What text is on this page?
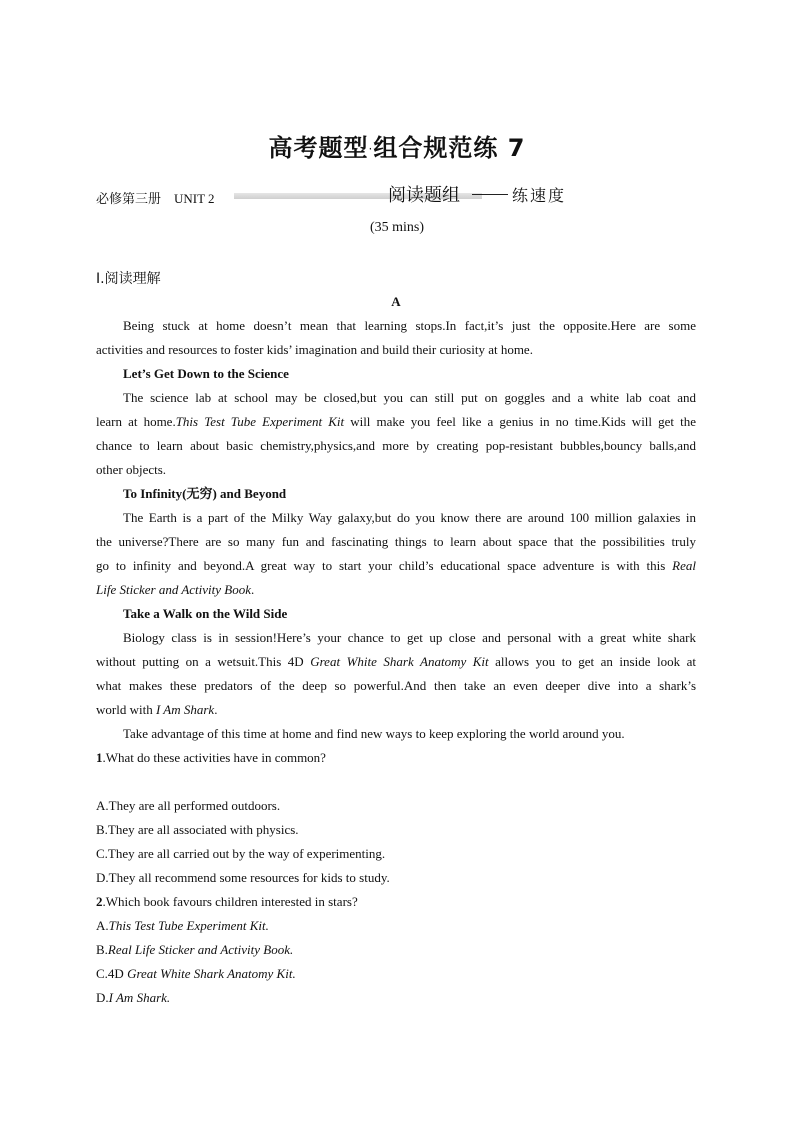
高考题型·组合规范练 7
必修第三册　UNIT 2	阅读题组	练速度
(35 mins)
Ⅰ.阅读理解
A
Being stuck at home doesn’t mean that learning stops.In fact,it’s just the opposite.Here are some
activities and resources to foster kids’ imagination and build their curiosity at home.
Let’s Get Down to the Science
The science lab at school may be closed,but you can still put on goggles and a white lab coat and
learn at home.This Test Tube Experiment Kit will make you feel like a genius in no time.Kids will get the
chance to learn about basic chemistry,physics,and more by creating pop-resistant bubbles,bouncy balls,and
other objects.
To Infinity(无穷) and Beyond
The Earth is a part of the Milky Way galaxy,but do you know there are around 100 million galaxies in
the universe?There are so many fun and fascinating things to learn about space that the possibilities truly
go to infinity and beyond.A great way to start your child’s educational space adventure is with this Real
Life Sticker and Activity Book.
Take a Walk on the Wild Side
Biology class is in session!Here’s your chance to get up close and personal with a great white shark
without putting on a wetsuit.This 4D Great White Shark Anatomy Kit allows you to get an inside look at
what makes these predators of the deep so powerful.And then take an even deeper dive into a shark’s
world with I Am Shark.
Take advantage of this time at home and find new ways to keep exploring the world around you.
1.What do these activities have in common?
A.They are all performed outdoors.
B.They are all associated with physics.
C.They are all carried out by the way of experimenting.
D.They all recommend some resources for kids to study.
2.Which book favours children interested in stars?
A.This Test Tube Experiment Kit.
B.Real Life Sticker and Activity Book.
C.4D Great White Shark Anatomy Kit.
D.I Am Shark.
